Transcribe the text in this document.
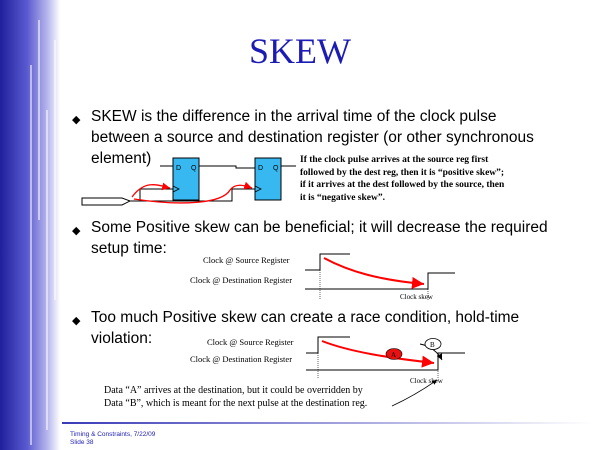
SKEW
◆ SKEW is the difference in the arrival time of the clock pulse
between a source and destination register (or other synchronous
element)	If the clock pulse arrives at the source reg first
followed by the dest reg, then it is “positive skew”;
if it arrives at the dest followed by the source, then
it is “negative skew”.
◆ Some Positive skew can be beneficial; it will decrease the required
setup time:
◆ Too much Positive skew can create a race condition, hold-time
violation:
D Q	D Q
A
B
Clock @ Source Register
Clock @ Destination Register
Clock skew
Clock @ Source Register
Clock @ Destination Register
Clock skew
Data “A” arrives at the destination, but it could be overridden by
Data “B”, which is meant for the next pulse at the destination reg.
Timing & Constraints, 7/22/09
Slide 38
